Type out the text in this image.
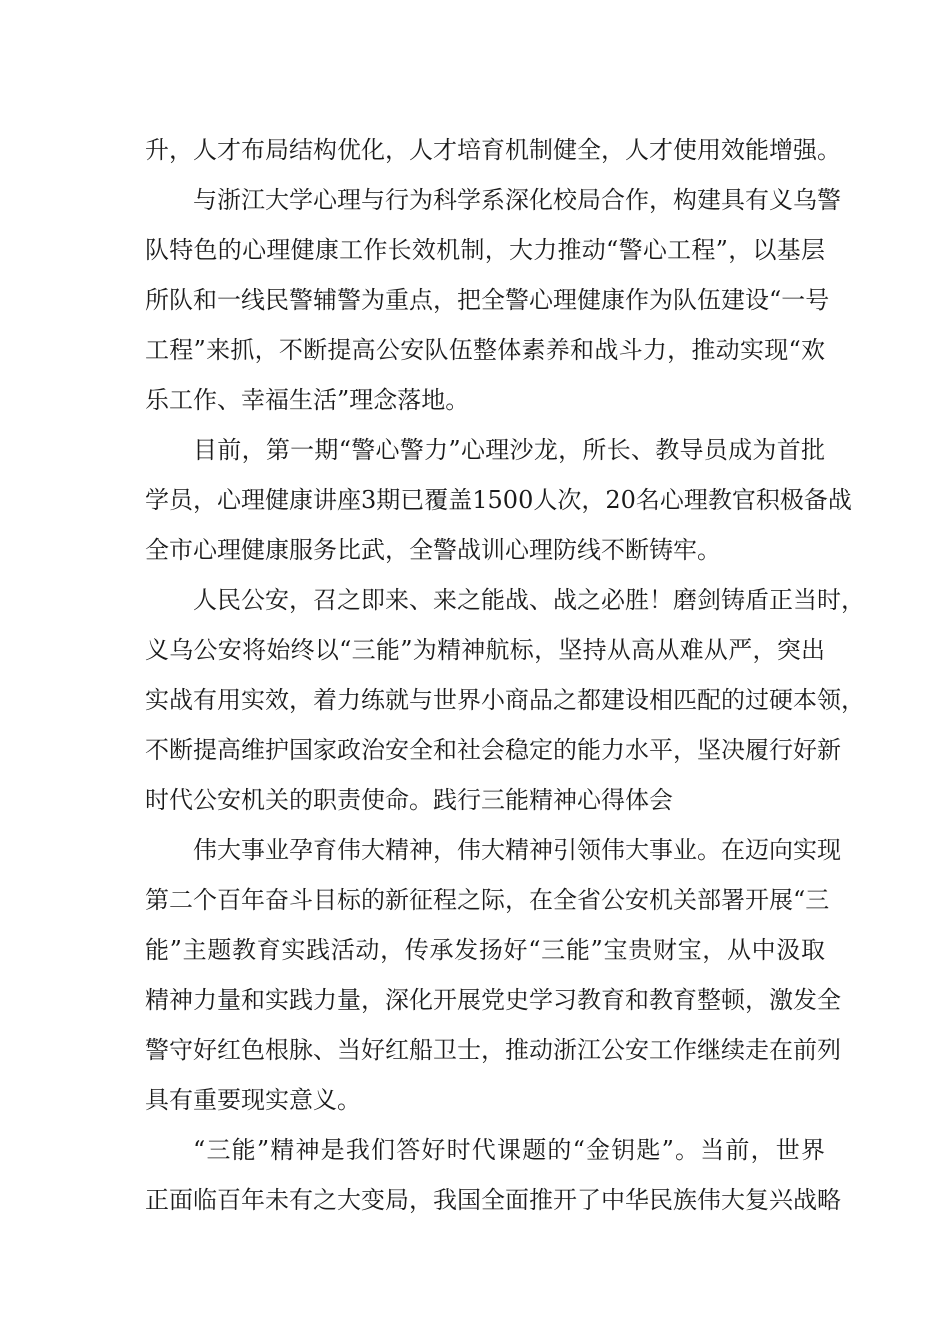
升，人才布局结构优化，人才培育机制健全，人才使用效能增强。
与浙江大学心理与行为科学系深化校局合作，构建具有义乌警
队特色的心理健康工作长效机制，大力推动“警心工程”，以基层
所队和一线民警辅警为重点，把全警心理健康作为队伍建设“一号
工程”来抓，不断提高公安队伍整体素养和战斗力，推动实现“欢
乐工作、幸福生活”理念落地。
目前，第一期“警心警力”心理沙龙，所长、教导员成为首批
学员，心理健康讲座3期已覆盖1500人次，20名心理教官积极备战
全市心理健康服务比武，全警战训心理防线不断铸牢。
人民公安，召之即来、来之能战、战之必胜！磨剑铸盾正当时，
义乌公安将始终以“三能”为精神航标，坚持从高从难从严，突出
实战有用实效，着力练就与世界小商品之都建设相匹配的过硬本领，
不断提高维护国家政治安全和社会稳定的能力水平，坚决履行好新
时代公安机关的职责使命。践行三能精神心得体会
伟大事业孕育伟大精神，伟大精神引领伟大事业。在迈向实现
第二个百年奋斗目标的新征程之际，在全省公安机关部署开展“三
能”主题教育实践活动，传承发扬好“三能”宝贵财宝，从中汲取
精神力量和实践力量，深化开展党史学习教育和教育整顿，激发全
警守好红色根脉、当好红船卫士，推动浙江公安工作继续走在前列
具有重要现实意义。
“三能”精神是我们答好时代课题的“金钥匙”。当前，世界
正面临百年未有之大变局，我国全面推开了中华民族伟大复兴战略
